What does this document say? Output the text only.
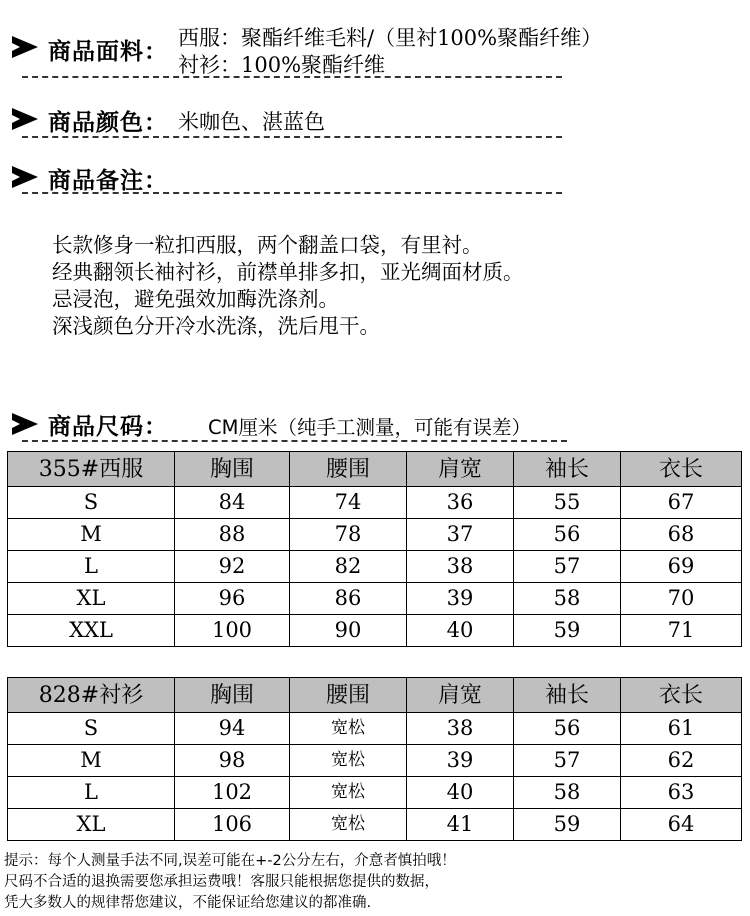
商品面料：
西服：聚酯纤维毛料/（里衬100%聚酯纤维）
衬衫：100%聚酯纤维
商品颜色： 米咖色、湛蓝色
商品备注：
长款修身一粒扣西服，两个翻盖口袋，有里衬。
经典翻领长袖衬衫，前襟单排多扣，亚光绸面材质。
忌浸泡，避免强效加酶洗涤剂。
深浅颜色分开冷水洗涤，洗后甩干。
商品尺码： CM厘米（纯手工测量，可能有误差）
355#西服	胸围	腰围	肩宽	袖长	衣长
S	84	74	36	55	67
M	88	78	37	56	68
L	92	82	38	57	69
XL	96	86	39	58	70
XXL	100	90	40	59	71
828#衬衫	胸围	腰围	肩宽	袖长	衣长
S	94	宽松	38	56	61
M	98	宽松	39	57	62
L	102	宽松	40	58	63
XL	106	宽松	41	59	64
提示：每个人测量手法不同,误差可能在+-2公分左右，介意者慎拍哦！
尺码不合适的退换需要您承担运费哦！客服只能根据您提供的数据，
凭大多数人的规律帮您建议，不能保证给您建议的都准确.
